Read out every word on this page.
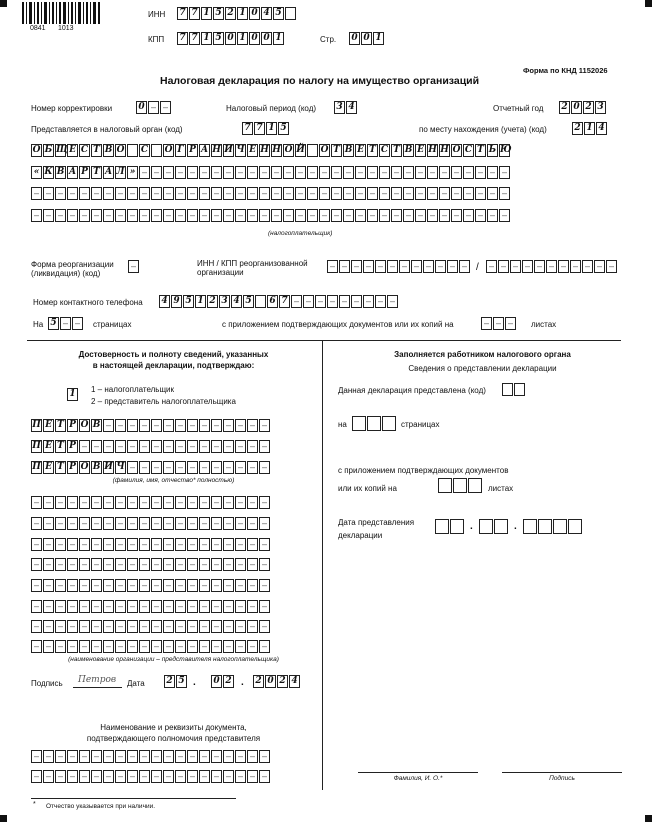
0841 1013
ИНН 7 7 1 5 2 1 0 4 5
КПП 7 7 1 5 0 1 0 0 1	Стр. 0 0 1
Форма по КНД 1152026
Налоговая декларация по налогу на имущество организаций
Номер корректировки	0 – –	Налоговый период (код) 3 4	Отчетный год 2 0 2 3
Представляется в налоговый орган (код)	7 7 1 5	по месту нахождения (учета) (код)	2 1 4
О Б Щ Е С Т В О С О Г Р А Н И Ч Е Н Н О Й О Т В Е Т С Т В Е Н Н О С Т Ь Ю
« К В А Р Т А Л » – – – – – – – – – – – – – – – – – – – – – – – – – – – – – – –
– – – – – – – – – – – – – – – – – – – – – – – – – – – – – – – – – – – – – – – –
– – – – – – – – – – – – – – – – – – – – – – – – – – – – – – – – – – – – – – – –
(налогоплательщик)
Форма реорганизации
(ликвидация) (код)
–	ИНН / КПП реорганизованной
организации
– – – – – – – – – – – – /	– – – – – – – – – – –
Номер контактного телефона 4 9 5 1 2 3 4 5 6 7 – – – – – – – – –
На 5 – –	страницах	с приложением подтверждающих документов или их копий на	– – –	листах
Достоверность и полноту сведений, указанных
в настоящей декларации, подтверждаю:
1 1 – налогоплательщик
2 – представитель налогоплательщика
П Е Т Р О В – – – – – – – – – – – – – –
П Е Т Р – – – – – – – – – – – – – – – –
П Е Т Р О В И Ч – – – – – – – – – – – –
(фамилия, имя, отчество* полностью)
– – – – – – – – – – – – – – – – – – – –
– – – – – – – – – – – – – – – – – – – –
– – – – – – – – – – – – – – – – – – – –
– – – – – – – – – – – – – – – – – – – –
– – – – – – – – – – – – – – – – – – – –
– – – – – – – – – – – – – – – – – – – –
– – – – – – – – – – – – – – – – – – – –
– – – – – – – – – – – – – – – – – – – –
(наименование организации – представителя налогоплательщика)
Подпись Петров Дата 2 5 . 0 2 . 2 0 2 4
Наименование и реквизиты документа,
подтверждающего полномочия представителя
– – – – – – – – – – – – – – – – – – – –
– – – – – – – – – – – – – – – – – – – –
Заполняется работником налогового органа
Сведения о представлении декларации
Данная декларация представлена (код)
на	страницах
с приложением подтверждающих документов
или их копий на	листах
Дата представления
декларации
.	.
Фамилия, И. О.*	Подпись
* Отчество указывается при наличии.
